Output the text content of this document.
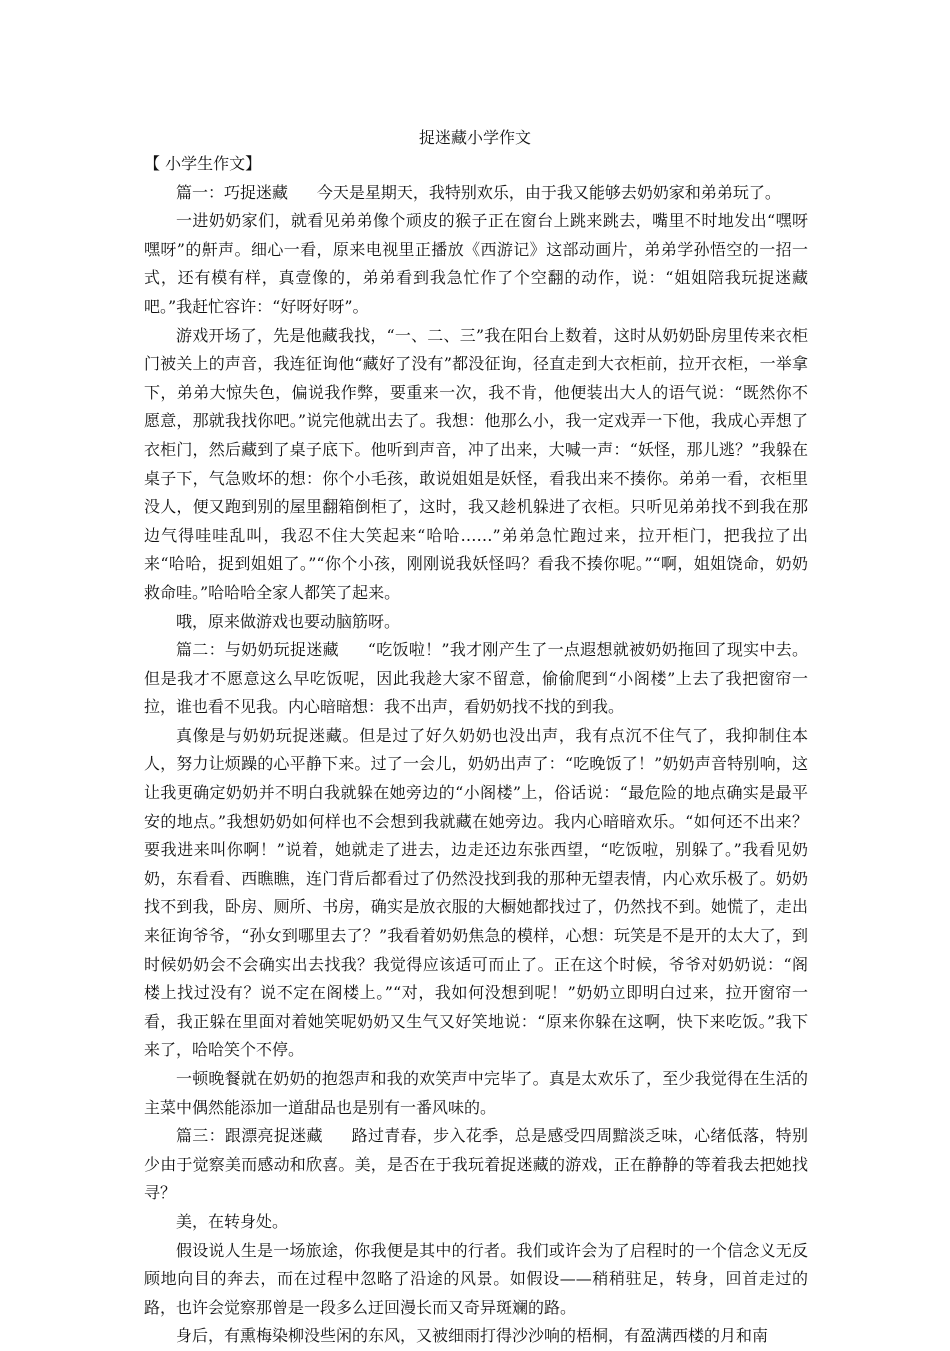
捉迷藏小学作文

【 小学生作文】

篇一：巧捉迷藏 今天是星期天，我特别欢乐，由于我又能够去奶奶家和弟弟玩了。

一进奶奶家们，就看见弟弟像个顽皮的猴子正在窗台上跳来跳去，嘴里不时地发出“嘿呀嘿呀”的鼾声。细心一看，原来电视里正播放《西游记》这部动画片，弟弟学孙悟空的一招一式，还有模有样，真壹像的，弟弟看到我急忙作了个空翻的动作，说：“姐姐陪我玩捉迷藏吧。”我赶忙容许：“好呀好呀”。

游戏开场了，先是他藏我找，“一、二、三”我在阳台上数着，这时从奶奶卧房里传来衣柜门被关上的声音，我连征询他“藏好了没有”都没征询，径直走到大衣柜前，拉开衣柜，一举拿下，弟弟大惊失色，偏说我作弊，要重来一次，我不肯，他便装出大人的语气说：“既然你不愿意，那就我找你吧。”说完他就出去了。我想：他那么小，我一定戏弄一下他，我成心弄想了衣柜门，然后藏到了桌子底下。他听到声音，冲了出来，大喊一声：“妖怪，那儿逃？”我躲在桌子下，气急败坏的想：你个小毛孩，敢说姐姐是妖怪，看我出来不揍你。弟弟一看，衣柜里没人，便又跑到别的屋里翻箱倒柜了，这时，我又趁机躲进了衣柜。只听见弟弟找不到我在那边气得哇哇乱叫，我忍不住大笑起来“哈哈……”弟弟急忙跑过来，拉开柜门，把我拉了出来“哈哈，捉到姐姐了。”“你个小孩，刚刚说我妖怪吗？看我不揍你呢。”“啊，姐姐饶命，奶奶救命哇。”哈哈哈全家人都笑了起来。

哦，原来做游戏也要动脑筋呀。

篇二：与奶奶玩捉迷藏 “吃饭啦！”我才刚产生了一点遐想就被奶奶拖回了现实中去。但是我才不愿意这么早吃饭呢，因此我趁大家不留意，偷偷爬到“小阁楼”上去了我把窗帘一拉，谁也看不见我。内心暗暗想：我不出声，看奶奶找不找的到我。

真像是与奶奶玩捉迷藏。但是过了好久奶奶也没出声，我有点沉不住气了，我抑制住本人，努力让烦躁的心平静下来。过了一会儿，奶奶出声了：“吃晚饭了！”奶奶声音特别响，这让我更确定奶奶并不明白我就躲在她旁边的“小阁楼”上，俗话说：“最危险的地点确实是最平安的地点。”我想奶奶如何样也不会想到我就藏在她旁边。我内心暗暗欢乐。“如何还不出来？要我进来叫你啊！”说着，她就走了进去，边走还边东张西望，“吃饭啦，别躲了。”我看见奶奶，东看看、西瞧瞧，连门背后都看过了仍然没找到我的那种无望表情，内心欢乐极了。奶奶找不到我，卧房、厕所、书房，确实是放衣服的大橱她都找过了，仍然找不到。她慌了，走出来征询爷爷，“孙女到哪里去了？”我看着奶奶焦急的模样，心想：玩笑是不是开的太大了，到时候奶奶会不会确实出去找我？我觉得应该适可而止了。正在这个时候，爷爷对奶奶说：“阁楼上找过没有？说不定在阁楼上。”“对，我如何没想到呢！”奶奶立即明白过来，拉开窗帘一看，我正躲在里面对着她笑呢奶奶又生气又好笑地说：“原来你躲在这啊，快下来吃饭。”我下来了，哈哈笑个不停。

一顿晚餐就在奶奶的抱怨声和我的欢笑声中完毕了。真是太欢乐了，至少我觉得在生活的主菜中偶然能添加一道甜品也是别有一番风味的。

篇三：跟漂亮捉迷藏 路过青春，步入花季，总是感受四周黯淡乏味，心绪低落，特别少由于觉察美而感动和欣喜。美，是否在于我玩着捉迷藏的游戏，正在静静的等着我去把她找寻？

美，在转身处。

假设说人生是一场旅途，你我便是其中的行者。我们或许会为了启程时的一个信念义无反顾地向目的奔去，而在过程中忽略了沿途的风景。如假设——稍稍驻足，转身，回首走过的路，也许会觉察那曾是一段多么迂回漫长而又奇异斑斓的路。

身后，有熏梅染柳没些闲的东风，又被细雨打得沙沙响的梧桐，有盈满西楼的月和南
